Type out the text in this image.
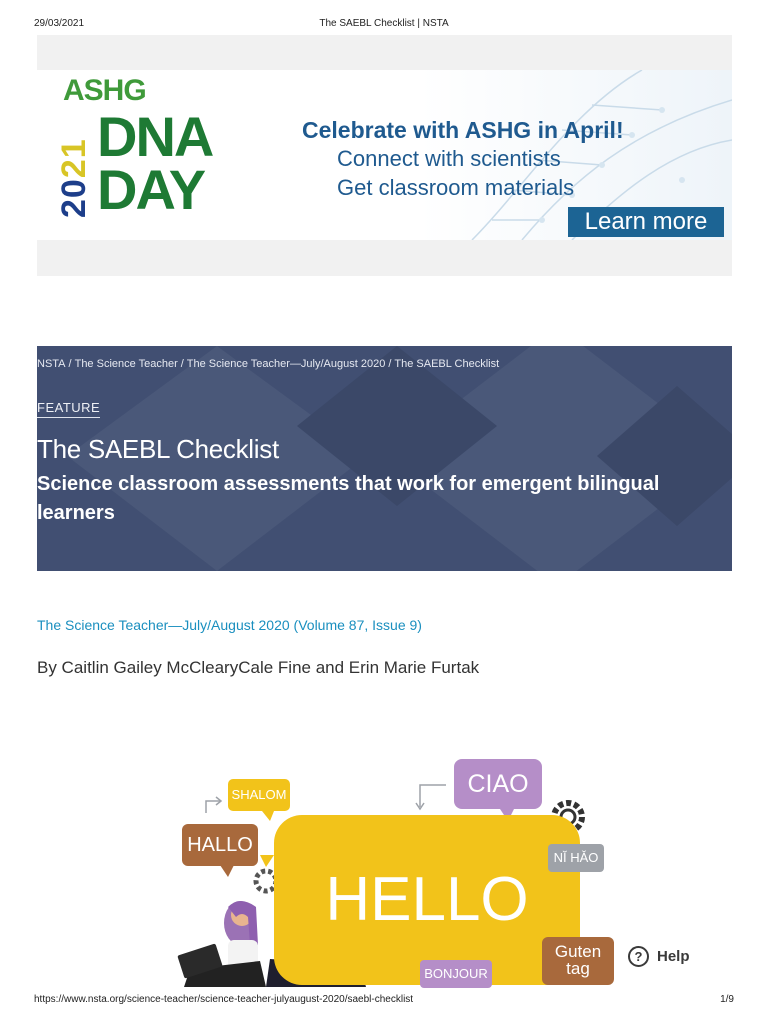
29/03/2021	The SAEBL Checklist | NSTA
2021
ASHG
DNA
DAY
Celebrate with ASHG in April!
Connect with scientists
Get classroom materials
Learn more
NSTA / The Science Teacher / The Science Teacher—July/August 2020 / The SAEBL Checklist
FEATURE
The SAEBL Checklist
Science classroom assessments that work for emergent bilingual learners
The Science Teacher—July/August 2020 (Volume 87, Issue 9)
By Caitlin Gailey McClearyCale Fine and Erin Marie Furtak
HELLO
SHALOM
HALLO
CIAO
NĬ HǍO
BONJOUR
Guten
tag
? Help
https://www.nsta.org/science-teacher/science-teacher-julyaugust-2020/saebl-checklist	1/9
